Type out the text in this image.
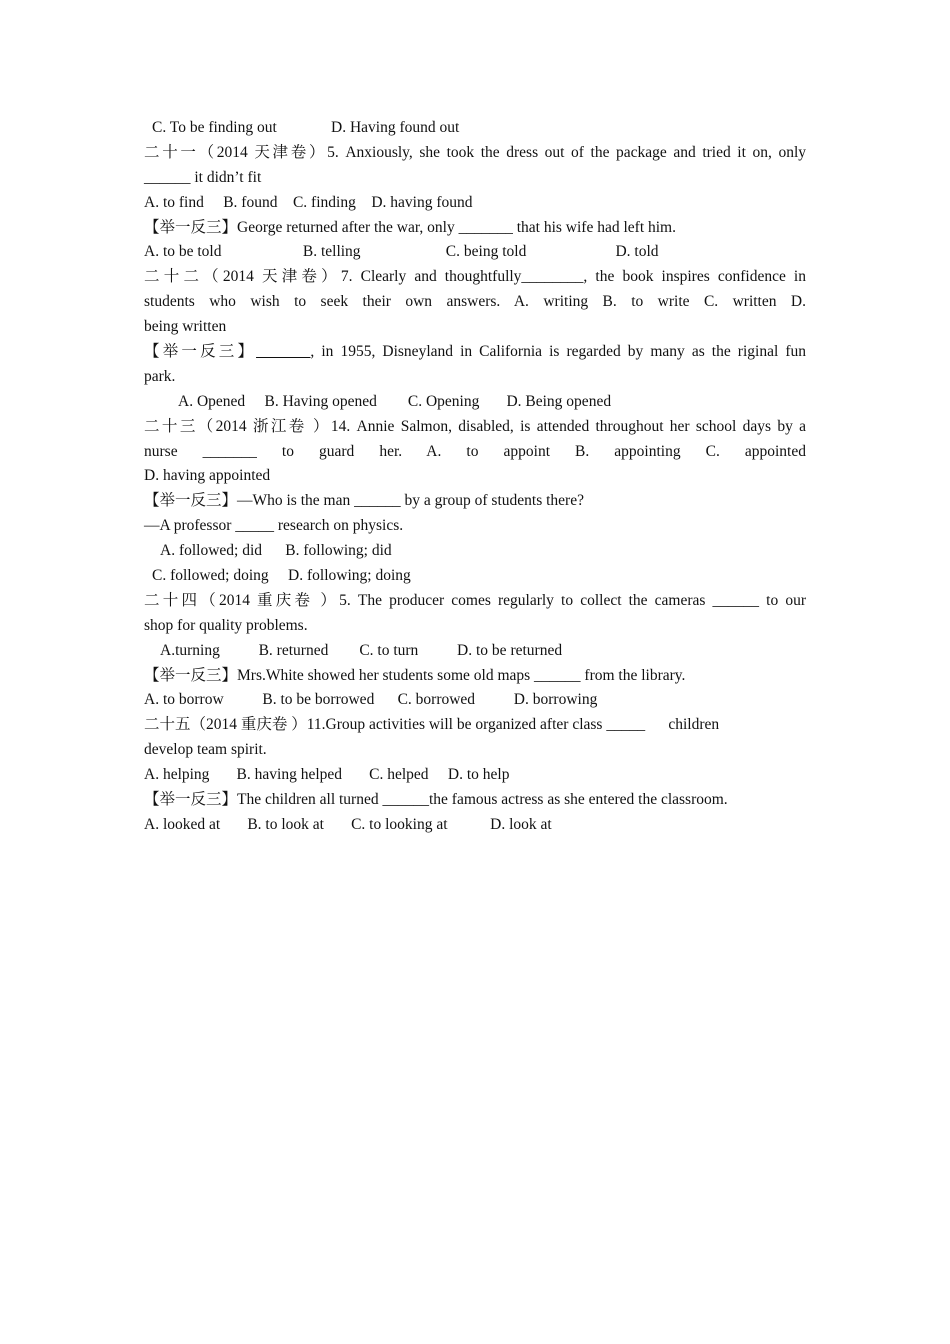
C. To be finding out              D. Having found out
二十一（2014 天津卷）5. Anxiously, she took the dress out of the package and tried it on, only
______ it didn’t fit
A. to find     B. found    C. finding    D. having found
【举一反三】George returned after the war, only _______ that his wife had left him.
A. to be told                     B. telling                      C. being told                       D. told
二十二（2014 天津卷）7. Clearly and thoughtfully________, the book inspires confidence in
students who wish to seek their own answers. A. writing B. to write C. written D.
being written
【举一反三】_______, in 1955, Disneyland in California is regarded by many as the riginal fun
park.
A. Opened     B. Having opened        C. Opening       D. Being opened
二十三（2014 浙江卷 ）14. Annie Salmon, disabled, is attended throughout her school days by a
nurse _______ to guard her. A. to appoint B. appointing C. appointed
D. having appointed
【举一反三】—Who is the man ______ by a group of students there?
—A professor _____ research on physics.
A. followed; did      B. following; did
C. followed; doing     D. following; doing
二十四（2014 重庆卷 ）5. The producer comes regularly to collect the cameras ______ to our
shop for quality problems.
A.turning          B. returned        C. to turn          D. to be returned
【举一反三】Mrs.White showed her students some old maps ______ from the library.
A. to borrow          B. to be borrowed      C. borrowed          D. borrowing
二十五（2014 重庆卷 ）11.Group activities will be organized after class _____      children
develop team spirit.
A. helping       B. having helped       C. helped     D. to help
【举一反三】The children all turned ______the famous actress as she entered the classroom.
A. looked at       B. to look at       C. to looking at           D. look at
